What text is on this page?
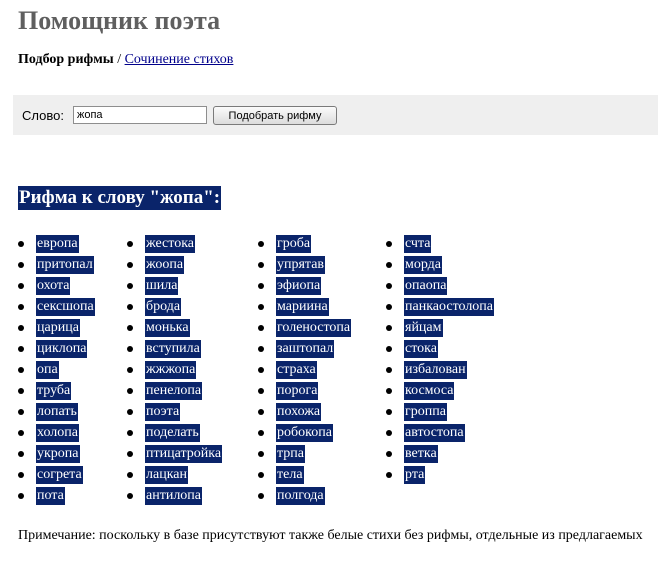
Помощник поэта
Подбор рифмы / Сочинение стихов
Слово:
жопа	Подобрать рифму
Рифма к слову "жопа":
европа
притопал
охота
сексшопа
царица
циклопа
опа
труба
лопать
холопа
укропа
согрета
пота
жестока
жоопа
шила
брода
монька
вступила
жжжопа
пенелопа
поэта
поделать
птицатройка
лацкан
антилопа
гроба
упрятав
эфиопа
мариина
голеностопа
заштопал
страха
порога
похожа
робокопа
трпа
тела
полгода
счта
морда
опаопа
панкаостолопа
яйцам
стока
избалован
космоса
гроппа
автостопа
ветка
рта
Примечание: поскольку в базе присутствуют также белые стихи без рифмы, отдельные из предлагаемых
